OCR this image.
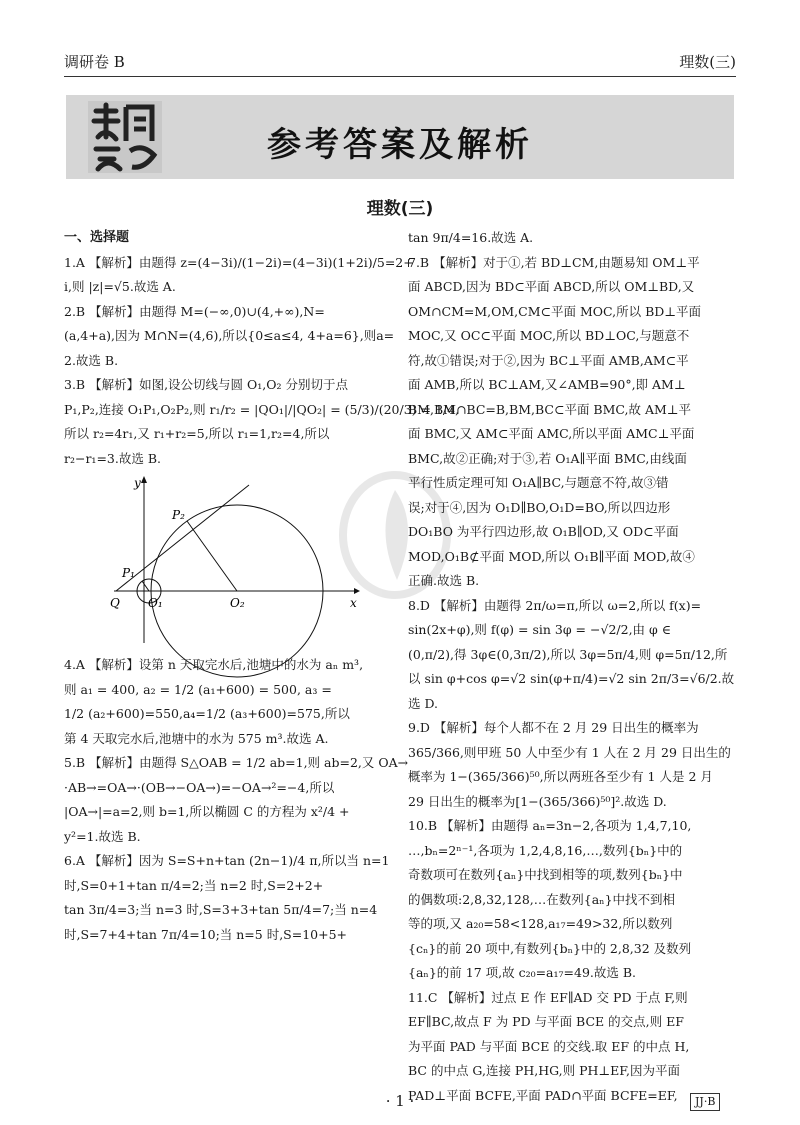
调研卷 B	理数(三)
参考答案及解析
理数(三)
一、选择题
1.A 【解析】由题得 z=(4−3i)/(1−2i)=(4−3i)(1+2i)/5=2+
i,则 |z|=√5.故选 A.
2.B 【解析】由题得 M=(−∞,0)∪(4,+∞),N=
(a,4+a),因为 M∩N=(4,6),所以{0≤a≤4, 4+a=6},则a=
2.故选 B.
3.B 【解析】如图,设公切线与圆 O₁,O₂ 分别切于点
P₁,P₂,连接 O₁P₁,O₂P₂,则 r₁/r₂ = |QO₁|/|QO₂| = (5/3)/(20/3) = 1/4,
所以 r₂=4r₁,又 r₁+r₂=5,所以 r₁=1,r₂=4,所以
r₂−r₁=3.故选 B.
y
x
P₁
P₂
Q O₁	O₂
4.A 【解析】设第 n 天取完水后,池塘中的水为 aₙ m³,
则 a₁ = 400, a₂ = 1/2 (a₁+600) = 500, a₃ =
1/2 (a₂+600)=550,a₄=1/2 (a₃+600)=575,所以
第 4 天取完水后,池塘中的水为 575 m³.故选 A.
5.B 【解析】由题得 S△OAB = 1/2 ab=1,则 ab=2,又 OA→
·AB→=OA→·(OB→−OA→)=−OA→²=−4,所以
|OA→|=a=2,则 b=1,所以椭圆 C 的方程为 x²/4 +
y²=1.故选 B.
6.A 【解析】因为 S=S+n+tan (2n−1)/4 π,所以当 n=1
时,S=0+1+tan π/4=2;当 n=2 时,S=2+2+
tan 3π/4=3;当 n=3 时,S=3+3+tan 5π/4=7;当 n=4
时,S=7+4+tan 7π/4=10;当 n=5 时,S=10+5+
tan 9π/4=16.故选 A.
7.B 【解析】对于①,若 BD⊥CM,由题易知 OM⊥平
面 ABCD,因为 BD⊂平面 ABCD,所以 OM⊥BD,又
OM∩CM=M,OM,CM⊂平面 MOC,所以 BD⊥平面
MOC,又 OC⊂平面 MOC,所以 BD⊥OC,与题意不
符,故①错误;对于②,因为 BC⊥平面 AMB,AM⊂平
面 AMB,所以 BC⊥AM,又∠AMB=90°,即 AM⊥
BM,BM∩BC=B,BM,BC⊂平面 BMC,故 AM⊥平
面 BMC,又 AM⊂平面 AMC,所以平面 AMC⊥平面
BMC,故②正确;对于③,若 O₁A∥平面 BMC,由线面
平行性质定理可知 O₁A∥BC,与题意不符,故③错
误;对于④,因为 O₁D∥BO,O₁D=BO,所以四边形
DO₁BO 为平行四边形,故 O₁B∥OD,又 OD⊂平面
MOD,O₁B⊄平面 MOD,所以 O₁B∥平面 MOD,故④
正确.故选 B.
8.D 【解析】由题得 2π/ω=π,所以 ω=2,所以 f(x)=
sin(2x+φ),则 f(φ) = sin 3φ = −√2/2,由 φ ∈
(0,π/2),得 3φ∈(0,3π/2),所以 3φ=5π/4,则 φ=5π/12,所
以 sin φ+cos φ=√2 sin(φ+π/4)=√2 sin 2π/3=√6/2.故
选 D.
9.D 【解析】每个人都不在 2 月 29 日出生的概率为
365/366,则甲班 50 人中至少有 1 人在 2 月 29 日出生的
概率为 1−(365/366)⁵⁰,所以两班各至少有 1 人是 2 月
29 日出生的概率为[1−(365/366)⁵⁰]².故选 D.
10.B 【解析】由题得 aₙ=3n−2,各项为 1,4,7,10,
…,bₙ=2ⁿ⁻¹,各项为 1,2,4,8,16,…,数列{bₙ}中的
奇数项可在数列{aₙ}中找到相等的项,数列{bₙ}中
的偶数项:2,8,32,128,…在数列{aₙ}中找不到相
等的项,又 a₂₀=58<128,a₁₇=49>32,所以数列
{cₙ}的前 20 项中,有数列{bₙ}中的 2,8,32 及数列
{aₙ}的前 17 项,故 c₂₀=a₁₇=49.故选 B.
11.C 【解析】过点 E 作 EF∥AD 交 PD 于点 F,则
EF∥BC,故点 F 为 PD 与平面 BCE 的交点,则 EF
为平面 PAD 与平面 BCE 的交线.取 EF 的中点 H,
BC 的中点 G,连接 PH,HG,则 PH⊥EF,因为平面
PAD⊥平面 BCFE,平面 PAD∩平面 BCFE=EF,
· 1 ·	JJ·B
